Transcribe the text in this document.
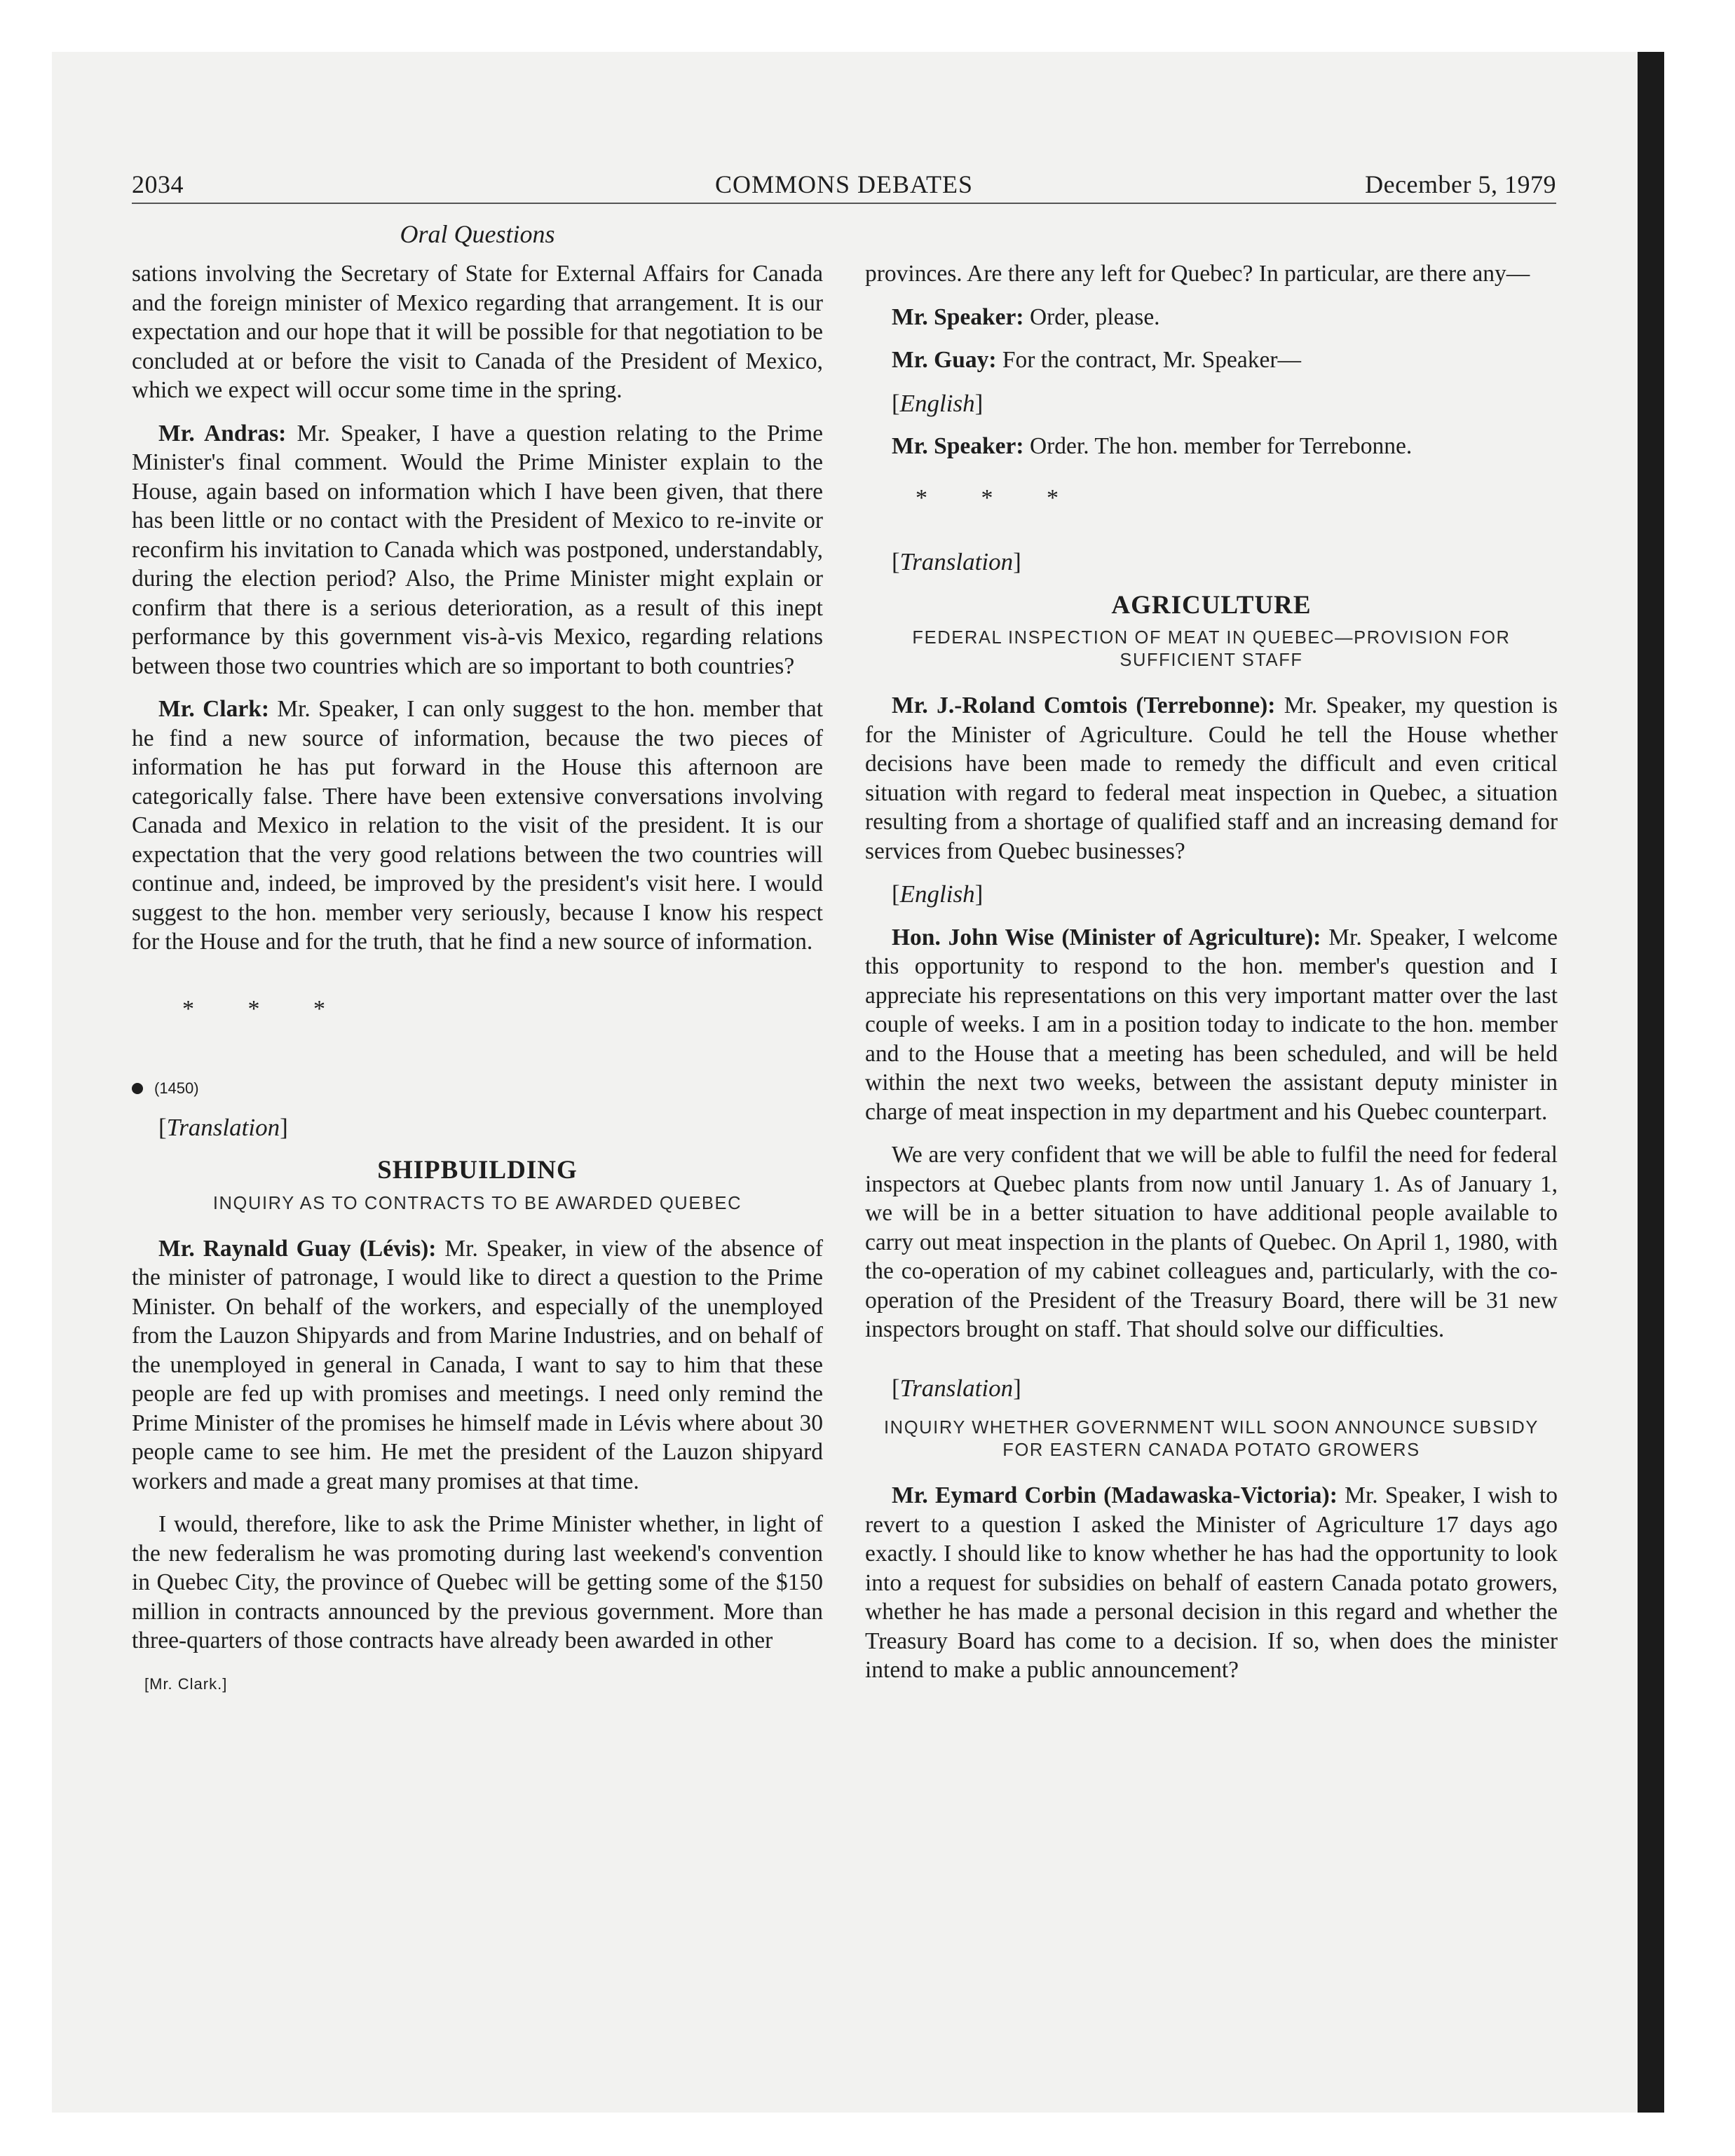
2034	COMMONS DEBATES	December 5, 1979
Oral Questions

sations involving the Secretary of State for External Affairs for Canada and the foreign minister of Mexico regarding that arrangement. It is our expectation and our hope that it will be possible for that negotiation to be concluded at or before the visit to Canada of the President of Mexico, which we expect will occur some time in the spring.

Mr. Andras: Mr. Speaker, I have a question relating to the Prime Minister's final comment. Would the Prime Minister explain to the House, again based on information which I have been given, that there has been little or no contact with the President of Mexico to re-invite or reconfirm his invitation to Canada which was postponed, understandably, during the election period? Also, the Prime Minister might explain or confirm that there is a serious deterioration, as a result of this inept performance by this government vis-à-vis Mexico, regarding relations between those two countries which are so important to both countries?

Mr. Clark: Mr. Speaker, I can only suggest to the hon. member that he find a new source of information, because the two pieces of information he has put forward in the House this afternoon are categorically false. There have been extensive conversations involving Canada and Mexico in relation to the visit of the president. It is our expectation that the very good relations between the two countries will continue and, indeed, be improved by the president's visit here. I would suggest to the hon. member very seriously, because I know his respect for the House and for the truth, that he find a new source of information.

* * *

(1450)

[Translation]

SHIPBUILDING
INQUIRY AS TO CONTRACTS TO BE AWARDED QUEBEC

Mr. Raynald Guay (Lévis): Mr. Speaker, in view of the absence of the minister of patronage, I would like to direct a question to the Prime Minister. On behalf of the workers, and especially of the unemployed from the Lauzon Shipyards and from Marine Industries, and on behalf of the unemployed in general in Canada, I want to say to him that these people are fed up with promises and meetings. I need only remind the Prime Minister of the promises he himself made in Lévis where about 30 people came to see him. He met the president of the Lauzon shipyard workers and made a great many promises at that time.

I would, therefore, like to ask the Prime Minister whether, in light of the new federalism he was promoting during last weekend's convention in Quebec City, the province of Quebec will be getting some of the $150 million in contracts announced by the previous government. More than three-quarters of those contracts have already been awarded in other

[Mr. Clark.]

provinces. Are there any left for Quebec? In particular, are there any—

Mr. Speaker: Order, please.

Mr. Guay: For the contract, Mr. Speaker—

[English]

Mr. Speaker: Order. The hon. member for Terrebonne.

* * *

[Translation]

AGRICULTURE
FEDERAL INSPECTION OF MEAT IN QUEBEC—PROVISION FOR SUFFICIENT STAFF

Mr. J.-Roland Comtois (Terrebonne): Mr. Speaker, my question is for the Minister of Agriculture. Could he tell the House whether decisions have been made to remedy the difficult and even critical situation with regard to federal meat inspection in Quebec, a situation resulting from a shortage of qualified staff and an increasing demand for services from Quebec businesses?

[English]

Hon. John Wise (Minister of Agriculture): Mr. Speaker, I welcome this opportunity to respond to the hon. member's question and I appreciate his representations on this very important matter over the last couple of weeks. I am in a position today to indicate to the hon. member and to the House that a meeting has been scheduled, and will be held within the next two weeks, between the assistant deputy minister in charge of meat inspection in my department and his Quebec counterpart.

We are very confident that we will be able to fulfil the need for federal inspectors at Quebec plants from now until January 1. As of January 1, we will be in a better situation to have additional people available to carry out meat inspection in the plants of Quebec. On April 1, 1980, with the co-operation of my cabinet colleagues and, particularly, with the co-operation of the President of the Treasury Board, there will be 31 new inspectors brought on staff. That should solve our difficulties.

[Translation]

INQUIRY WHETHER GOVERNMENT WILL SOON ANNOUNCE SUBSIDY FOR EASTERN CANADA POTATO GROWERS

Mr. Eymard Corbin (Madawaska-Victoria): Mr. Speaker, I wish to revert to a question I asked the Minister of Agriculture 17 days ago exactly. I should like to know whether he has had the opportunity to look into a request for subsidies on behalf of eastern Canada potato growers, whether he has made a personal decision in this regard and whether the Treasury Board has come to a decision. If so, when does the minister intend to make a public announcement?
